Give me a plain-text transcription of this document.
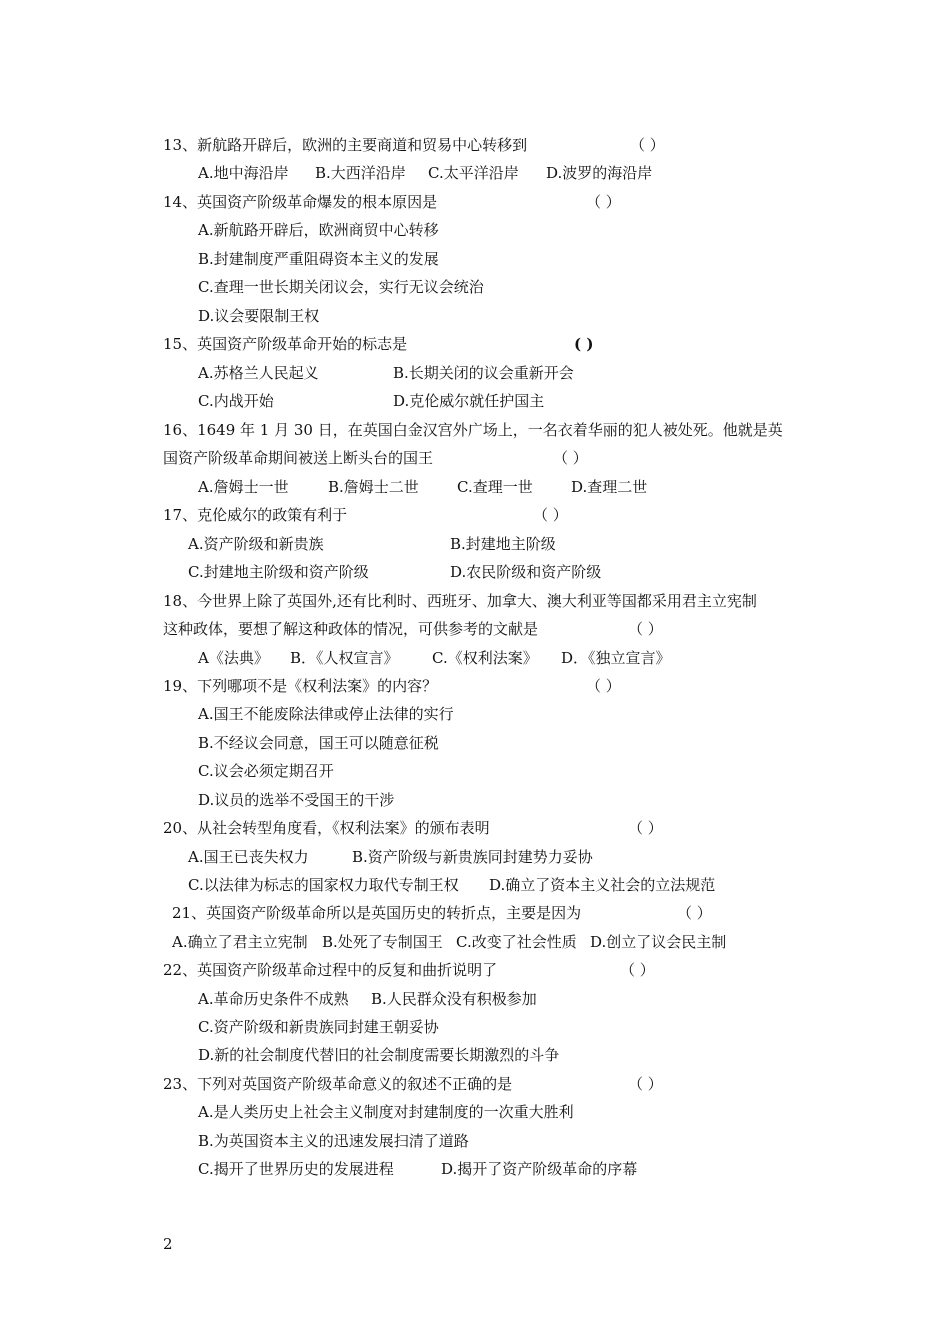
13、新航路开辟后，欧洲的主要商道和贸易中心转移到	（ ）
A.地中海沿岸 B.大西洋沿岸 C.太平洋沿岸 D.波罗的海沿岸
14、英国资产阶级革命爆发的根本原因是	（ ）
A.新航路开辟后，欧洲商贸中心转移
B.封建制度严重阻碍资本主义的发展
C.查理一世长期关闭议会，实行无议会统治
D.议会要限制王权
15、英国资产阶级革命开始的标志是	( )
A.苏格兰人民起义	B.长期关闭的议会重新开会
C.内战开始	D.克伦威尔就任护国主
16、1649 年 1 月 30 日，在英国白金汉宫外广场上，一名衣着华丽的犯人被处死。他就是英
国资产阶级革命期间被送上断头台的国王	（ ）
A.詹姆士一世	B.詹姆士二世	C.查理一世	D.查理二世
17、克伦威尔的政策有利于	（ ）
A.资产阶级和新贵族	B.封建地主阶级
C.封建地主阶级和资产阶级	D.农民阶级和资产阶级
18、今世界上除了英国外,还有比利时、西班牙、加拿大、澳大利亚等国都采用君主立宪制
这种政体，要想了解这种政体的情况，可供参考的文献是	（ ）
A《法典》 B．《人权宣言》 C.《权利法案》 D．《独立宣言》
19、下列哪项不是《权利法案》的内容？	（ ）
A.国王不能废除法律或停止法律的实行
B.不经议会同意，国王可以随意征税
C.议会必须定期召开
D.议员的选举不受国王的干涉
20、从社会转型角度看，《权利法案》的颁布表明	（ ）
A.国王已丧失权力	B.资产阶级与新贵族同封建势力妥协
C.以法律为标志的国家权力取代专制王权 D.确立了资本主义社会的立法规范
21、英国资产阶级革命所以是英国历史的转折点，主要是因为	（ ）
A.确立了君主立宪制 B.处死了专制国王 C.改变了社会性质 D.创立了议会民主制
22、英国资产阶级革命过程中的反复和曲折说明了	（ ）
A.革命历史条件不成熟 B.人民群众没有积极参加
C.资产阶级和新贵族同封建王朝妥协
D.新的社会制度代替旧的社会制度需要长期激烈的斗争
23、下列对英国资产阶级革命意义的叙述不正确的是	（ ）
A.是人类历史上社会主义制度对封建制度的一次重大胜利
B.为英国资本主义的迅速发展扫清了道路
C.揭开了世界历史的发展进程	D.揭开了资产阶级革命的序幕
2
